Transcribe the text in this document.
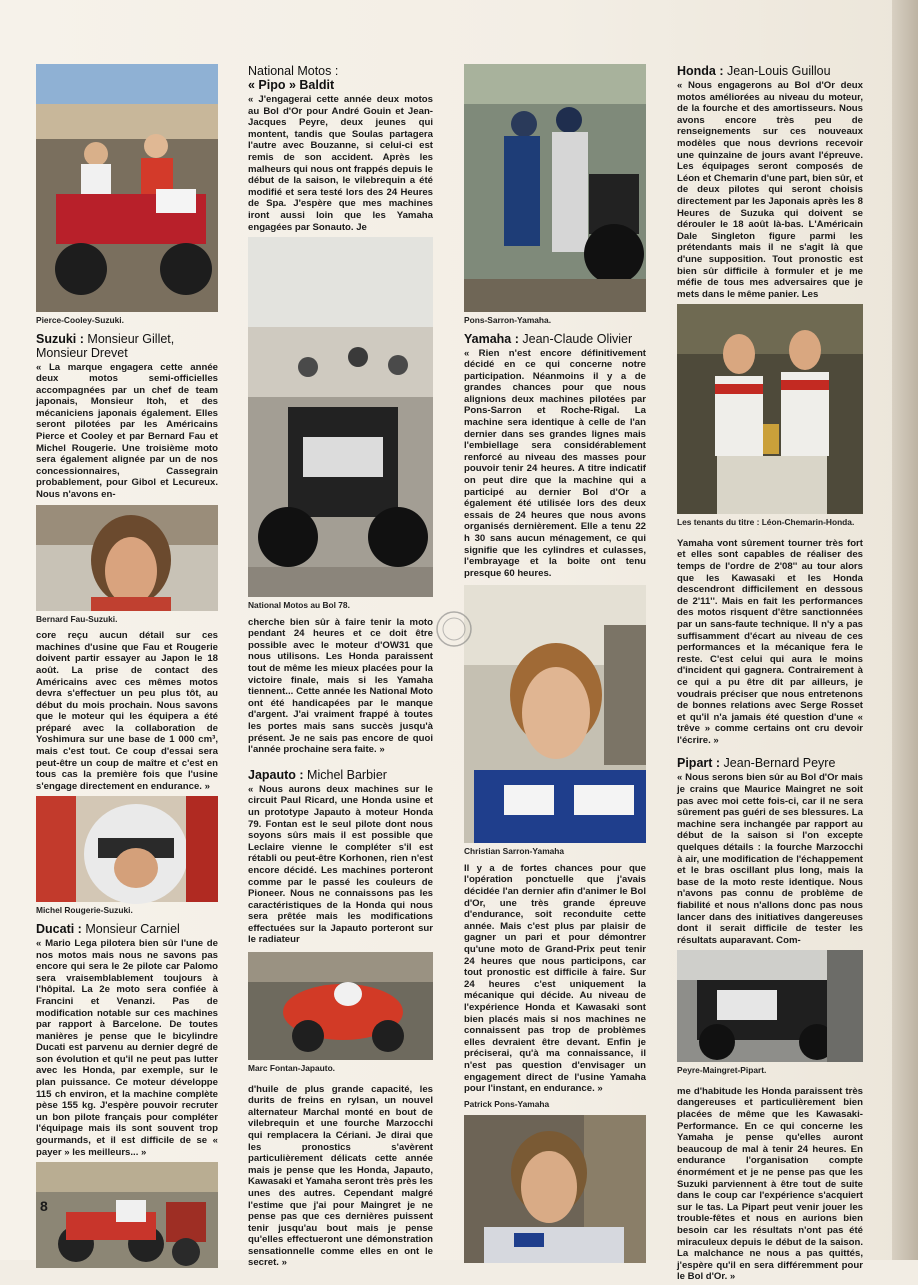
Pierce-Cooley-Suzuki.
Suzuki : Monsieur Gillet, Monsieur Drevet

« La marque engagera cette année deux motos semi-officielles accompagnées par un chef de team japonais, Monsieur Itoh, et des mécaniciens japonais également. Elles seront pilotées par les Américains Pierce et Cooley et par Bernard Fau et Michel Rougerie. Une troisième moto sera également alignée par un de nos concessionnaires, Cassegrain probablement, pour Gibol et Lecureux. Nous n'avons en-

Bernard Fau-Suzuki.

core reçu aucun détail sur ces machines d'usine que Fau et Rougerie doivent partir essayer au Japon le 18 août. La prise de contact des Américains avec ces mêmes motos devra s'effectuer un peu plus tôt, au début du mois prochain. Nous savons que le moteur qui les équipera a été préparé avec la collaboration de Yoshimura sur une base de 1 000 cm³, mais c'est tout. Ce coup d'essai sera peut-être un coup de maître et c'est en tous cas la première fois que l'usine s'engage directement en endurance. »

Michel Rougerie-Suzuki.
Ducati : Monsieur Carniel

« Mario Lega pilotera bien sûr l'une de nos motos mais nous ne savons pas encore qui sera le 2e pilote car Palomo sera vraisemblablement toujours à l'hôpital. La 2e moto sera confiée à Francini et Venanzi. Pas de modification notable sur ces machines par rapport à Barcelone. De toutes manières je pense que le bicylindre Ducati est parvenu au dernier degré de son évolution et qu'il ne peut pas lutter avec les Honda, par exemple, sur le plan puissance. Ce moteur développe 115 ch environ, et la machine complète pèse 155 kg. J'espère pouvoir recruter un bon pilote français pour compléter l'équipage mais ils sont souvent trop gourmands, et il est difficile de se « payer » les meilleurs... »

National Motos :
« Pipo » Baldit

« J'engagerai cette année deux motos au Bol d'Or pour André Gouin et Jean-Jacques Peyre, deux jeunes qui montent, tandis que Soulas partagera l'autre avec Bouzanne, si celui-ci est remis de son accident. Après les malheurs qui nous ont frappés depuis le début de la saison, le vilebrequin a été modifié et sera testé lors des 24 Heures de Spa. J'espère que mes machines iront aussi loin que les Yamaha engagées par Sonauto. Je

National Motos au Bol 78.

cherche bien sûr à faire tenir la moto pendant 24 heures et ce doit être possible avec le moteur d'OW31 que nous utilisons. Les Honda paraissent tout de même les mieux placées pour la victoire finale, mais si les Yamaha tiennent... Cette année les National Moto ont été handicapées par le manque d'argent. J'ai vraiment frappé à toutes les portes mais sans succès jusqu'à présent. Je ne sais pas encore de quoi l'année prochaine sera faite. »

Japauto : Michel Barbier

« Nous aurons deux machines sur le circuit Paul Ricard, une Honda usine et un prototype Japauto à moteur Honda 79. Fontan est le seul pilote dont nous soyons sûrs mais il est possible que Leclaire vienne le compléter s'il est rétabli ou peut-être Korhonen, rien n'est encore décidé. Les machines porteront comme par le passé les couleurs de Pioneer. Nous ne connaissons pas les caractéristiques de la Honda qui nous sera prêtée mais les modifications effectuées sur la Japauto porteront sur le radiateur

Marc Fontan-Japauto.

d'huile de plus grande capacité, les durits de freins en rylsan, un nouvel alternateur Marchal monté en bout de vilebrequin et une fourche Marzocchi qui remplacera la Cériani. Je dirai que les pronostics s'avèrent particulièrement délicats cette année mais je pense que les Honda, Japauto, Kawasaki et Yamaha seront très près les unes des autres. Cependant malgré l'estime que j'ai pour Maingret je ne pense pas que ces dernières puissent tenir jusqu'au bout mais je pense qu'elles effectueront une démonstration sensationnelle comme elles en ont le secret. »

Pons-Sarron-Yamaha.
Yamaha : Jean-Claude Olivier

« Rien n'est encore définitivement décidé en ce qui concerne notre participation. Néanmoins il y a de grandes chances pour que nous alignions deux machines pilotées par Pons-Sarron et Roche-Rigal. La machine sera identique à celle de l'an dernier dans ses grandes lignes mais l'embiellage sera considérablement renforcé au niveau des masses pour pouvoir tenir 24 heures. A titre indicatif on peut dire que la machine qui a participé au dernier Bol d'Or a également été utilisée lors des deux essais de 24 heures que nous avons organisés dernièrement. Elle a tenu 22 h 30 sans aucun ménagement, ce qui signifie que les cylindres et culasses, l'embrayage et la boite ont tenu presque 60 heures.

Christian Sarron-Yamaha

Il y a de fortes chances pour que l'opération ponctuelle que j'avais décidée l'an dernier afin d'animer le Bol d'Or, une très grande épreuve d'endurance, soit reconduite cette année. Mais c'est plus par plaisir de gagner un pari et pour démontrer qu'une moto de Grand-Prix peut tenir 24 heures que nous participons, car tout pronostic est difficile à faire. Sur 24 heures c'est uniquement la mécanique qui décide. Au niveau de l'expérience Honda et Kawasaki sont bien placés mais si nos machines ne connaissent pas trop de problèmes elles devraient être devant. Enfin je préciserai, qu'à ma connaissance, il n'est pas question d'envisager un engagement direct de l'usine Yamaha pour l'instant, en endurance. »

Patrick Pons-Yamaha
Honda : Jean-Louis Guillou

« Nous engagerons au Bol d'Or deux motos améliorées au niveau du moteur, de la fourche et des amortisseurs. Nous avons encore très peu de renseignements sur ces nouveaux modèles que nous devrions recevoir une quinzaine de jours avant l'épreuve. Les équipages seront composés de Léon et Chemarin d'une part, bien sûr, et de deux pilotes qui seront choisis directement par les Japonais après les 8 Heures de Suzuka qui doivent se dérouler le 18 août là-bas. L'Américain Dale Singleton figure parmi les prétendants mais il ne s'agit là que d'une supposition. Tout pronostic est bien sûr difficile à formuler et je me méfie de tous mes adversaires que je mets dans le même panier. Les

Les tenants du titre : Léon-Chemarin-Honda.

Yamaha vont sûrement tourner très fort et elles sont capables de réaliser des temps de l'ordre de 2'08'' au tour alors que les Kawasaki et les Honda descendront difficilement en dessous de 2'11''. Mais en fait les performances des motos risquent d'être sanctionnées par un sans-faute technique. Il n'y a pas suffisamment d'écart au niveau de ces performances et la mécanique fera le reste. C'est celui qui aura le moins d'incident qui gagnera. Contrairement à ce qui a pu être dit par ailleurs, je voudrais préciser que nous entretenons de bonnes relations avec Serge Rosset et qu'il n'a jamais été question d'une « trêve » comme certains ont cru devoir l'écrire. »

Pipart : Jean-Bernard Peyre

« Nous serons bien sûr au Bol d'Or mais je crains que Maurice Maingret ne soit pas avec moi cette fois-ci, car il ne sera sûrement pas guéri de ses blessures. La machine sera inchangée par rapport au début de la saison si l'on excepte quelques détails : la fourche Marzocchi à air, une modification de l'échappement et le bras oscillant plus long, mais la base de la moto reste identique. Nous n'avons pas connu de problème de fiabilité et nous n'allons donc pas nous lancer dans des initiatives dangereuses dont il serait difficile de tester les résultats auparavant. Com-

Peyre-Maingret-Pipart.

me d'habitude les Honda paraissent très dangereuses et particulièrement bien placées de même que les Kawasaki-Performance. En ce qui concerne les Yamaha je pense qu'elles auront beaucoup de mal à tenir 24 heures. En endurance l'organisation compte énormément et je ne pense pas que les Suzuki parviennent à être tout de suite dans le coup car l'expérience s'acquiert sur le tas. La Pipart peut venir jouer les trouble-fêtes et nous en aurions bien besoin car les résultats n'ont pas été miraculeux depuis le début de la saison. La malchance ne nous a pas quittés, j'espère qu'il en sera différemment pour le Bol d'Or. »

8
